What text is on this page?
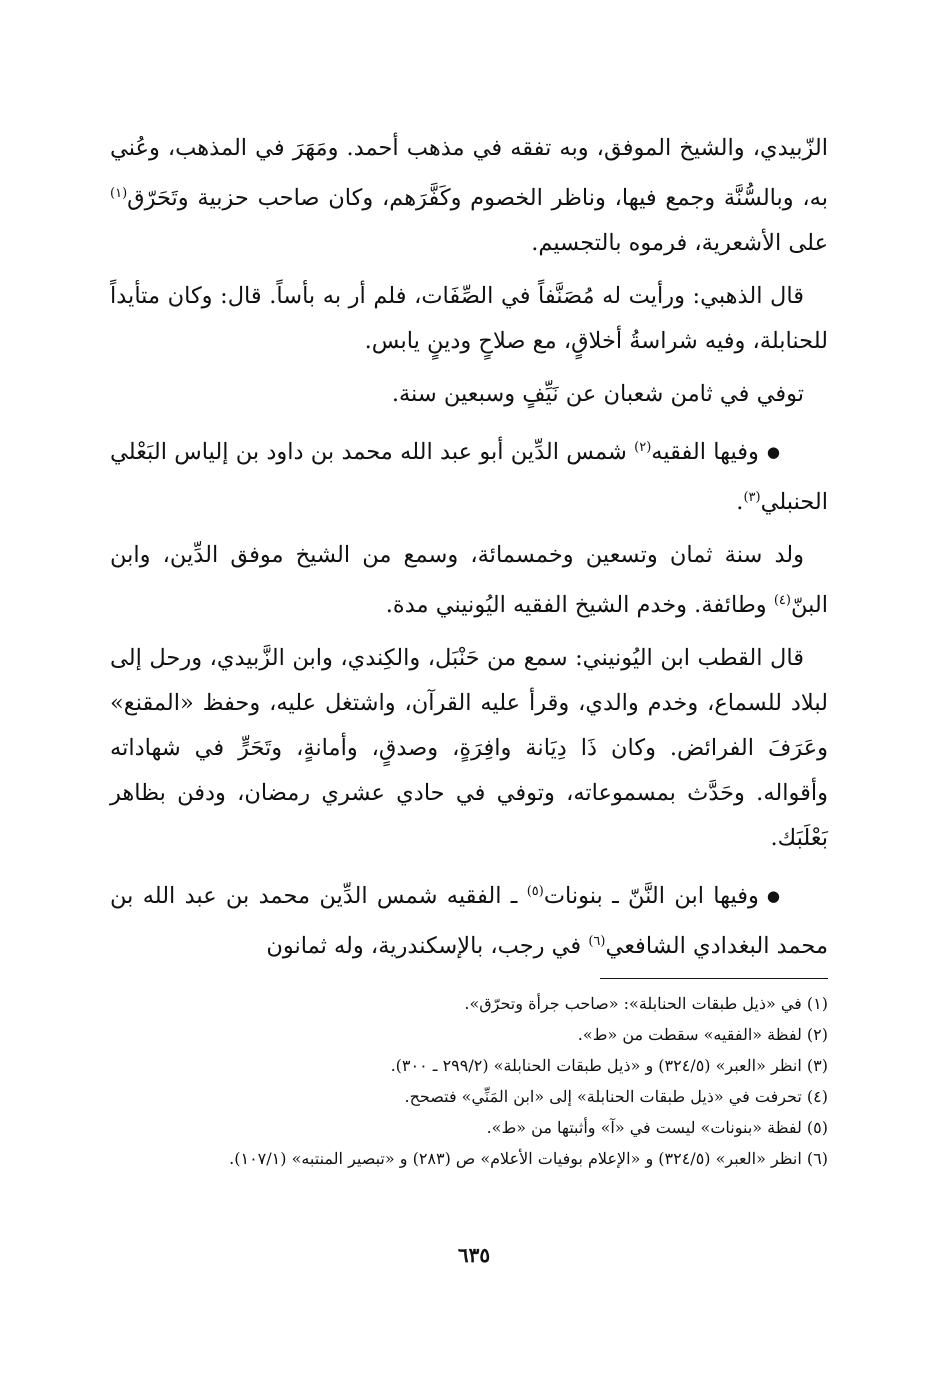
الزّبيدي، والشيخ الموفق، وبه تفقه في مذهب أحمد. ومَهَرَ في المذهب، وعُني به، وبالسُّنَّة وجمع فيها، وناظر الخصوم وكَفَّرَهم، وكان صاحب حزبية وتَحَرّق$^{(١)}$ على الأشعرية، فرموه بالتجسيم.

قال الذهبي: ورأيت له مُصَنَّفاً في الصِّفَات، فلم أر به بأساً. قال: وكان متأيداً للحنابلة، وفيه شراسةُ أخلاقٍ، مع صلاحٍ ودينٍ يابس.

توفي في ثامن شعبان عن نَيِّفٍ وسبعين سنة.

●وفيها الفقيه$^{(٢)}$ شمس الدِّين أبو عبد الله محمد بن داود بن إلياس البَعْلي الحنبلي$^{(٣)}$.

ولد سنة ثمان وتسعين وخمسمائة، وسمع من الشيخ موفق الدِّين، وابن البنّ$^{(٤)}$ وطائفة. وخدم الشيخ الفقيه اليُونيني مدة.

قال القطب ابن اليُونيني: سمع من حَنْبَل، والكِندي، وابن الزَّبيدي، ورحل إلى لبلاد للسماع، وخدم والدي، وقرأ عليه القرآن، واشتغل عليه، وحفظ «المقنع» وعَرَفَ الفرائض. وكان ذَا دِيَانة وافِرَةٍ، وصدقٍ، وأمانةٍ، وتَحَرٍّ في شهاداته وأقواله. وحَدَّث بمسموعاته، وتوفي في حادي عشري رمضان، ودفن بظاهر بَعْلَبَك.

●وفيها ابن النَّنّ ـ بنونات$^{(٥)}$ ـ الفقيه شمس الدِّين محمد بن عبد الله بن محمد البغدادي الشافعي$^{(٦)}$ في رجب، بالإسكندرية، وله ثمانون

(١) في «ذيل طبقات الحنابلة»: «صاحب جرأة وتحرّق».

(٢) لفظة «الفقيه» سقطت من «ط».

(٣) انظر «العبر» (٣٢٤/٥) و «ذيل طبقات الحنابلة» (٢٩٩/٢ ـ ٣٠٠).

(٤) تحرفت في «ذيل طبقات الحنابلة» إلى «ابن المَنِّي» فتصحح.

(٥) لفظة «بنونات» ليست في «آ» وأثبتها من «ط».

(٦) انظر «العبر» (٣٢٤/٥) و «الإعلام بوفيات الأعلام» ص (٢٨٣) و «تبصير المنتبه» (١٠٧/١).

٦٣٥
